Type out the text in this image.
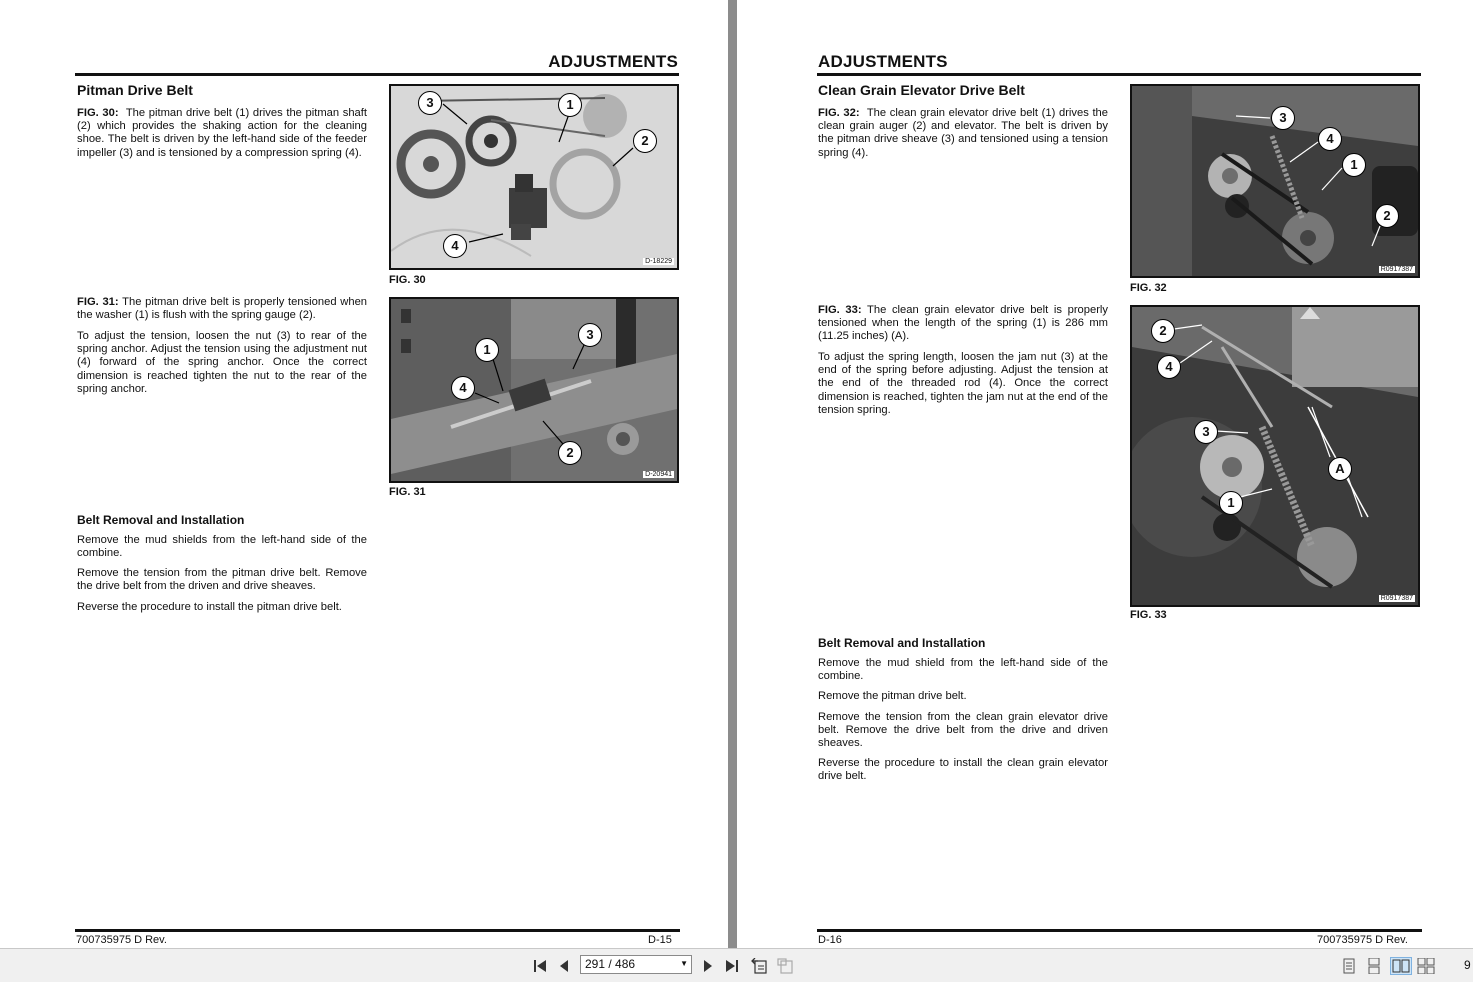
ADJUSTMENTS
Pitman Drive Belt

FIG. 30: The pitman drive belt (1) drives the pitman shaft (2) which provides the shaking action for the cleaning shoe. The belt is driven by the left-hand side of the feeder impeller (3) and is tensioned by a compression spring (4).

FIG. 31: The pitman drive belt is properly tensioned when the washer (1) is flush with the spring gauge (2).

To adjust the tension, loosen the nut (3) to rear of the spring anchor. Adjust the tension using the adjustment nut (4) forward of the spring anchor. Once the correct dimension is reached tighten the nut to the rear of the spring anchor.

Belt Removal and Installation

Remove the mud shields from the left-hand side of the combine.

Remove the tension from the pitman drive belt. Remove the drive belt from the driven and drive sheaves.

Reverse the procedure to install the pitman drive belt.

3	1
2
4
D-18229
FIG. 30
1
3
4
2
D-20941
FIG. 31
700735975 D Rev.	D-15
ADJUSTMENTS
Clean Grain Elevator Drive Belt

FIG. 32: The clean grain elevator drive belt (1) drives the clean grain auger (2) and elevator. The belt is driven by the pitman drive sheave (3) and tensioned using a tension spring (4).

FIG. 33: The clean grain elevator drive belt is properly tensioned when the length of the spring (1) is 286 mm (11.25 inches) (A).

To adjust the spring length, loosen the jam nut (3) at the end of the spring before adjusting. Adjust the tension at the end of the threaded rod (4). Once the correct dimension is reached, tighten the jam nut at the end of the tension spring.

Belt Removal and Installation

Remove the mud shield from the left-hand side of the combine.

Remove the pitman drive belt.

Remove the tension from the clean grain elevator drive belt. Remove the drive belt from the drive and driven sheaves.

Reverse the procedure to install the clean grain elevator drive belt.

3
4
1
2
R0917387
FIG. 32
2
4
3
A
1
R0917387
FIG. 33
D-16	700735975 D Rev.
291 / 486	▼	9
